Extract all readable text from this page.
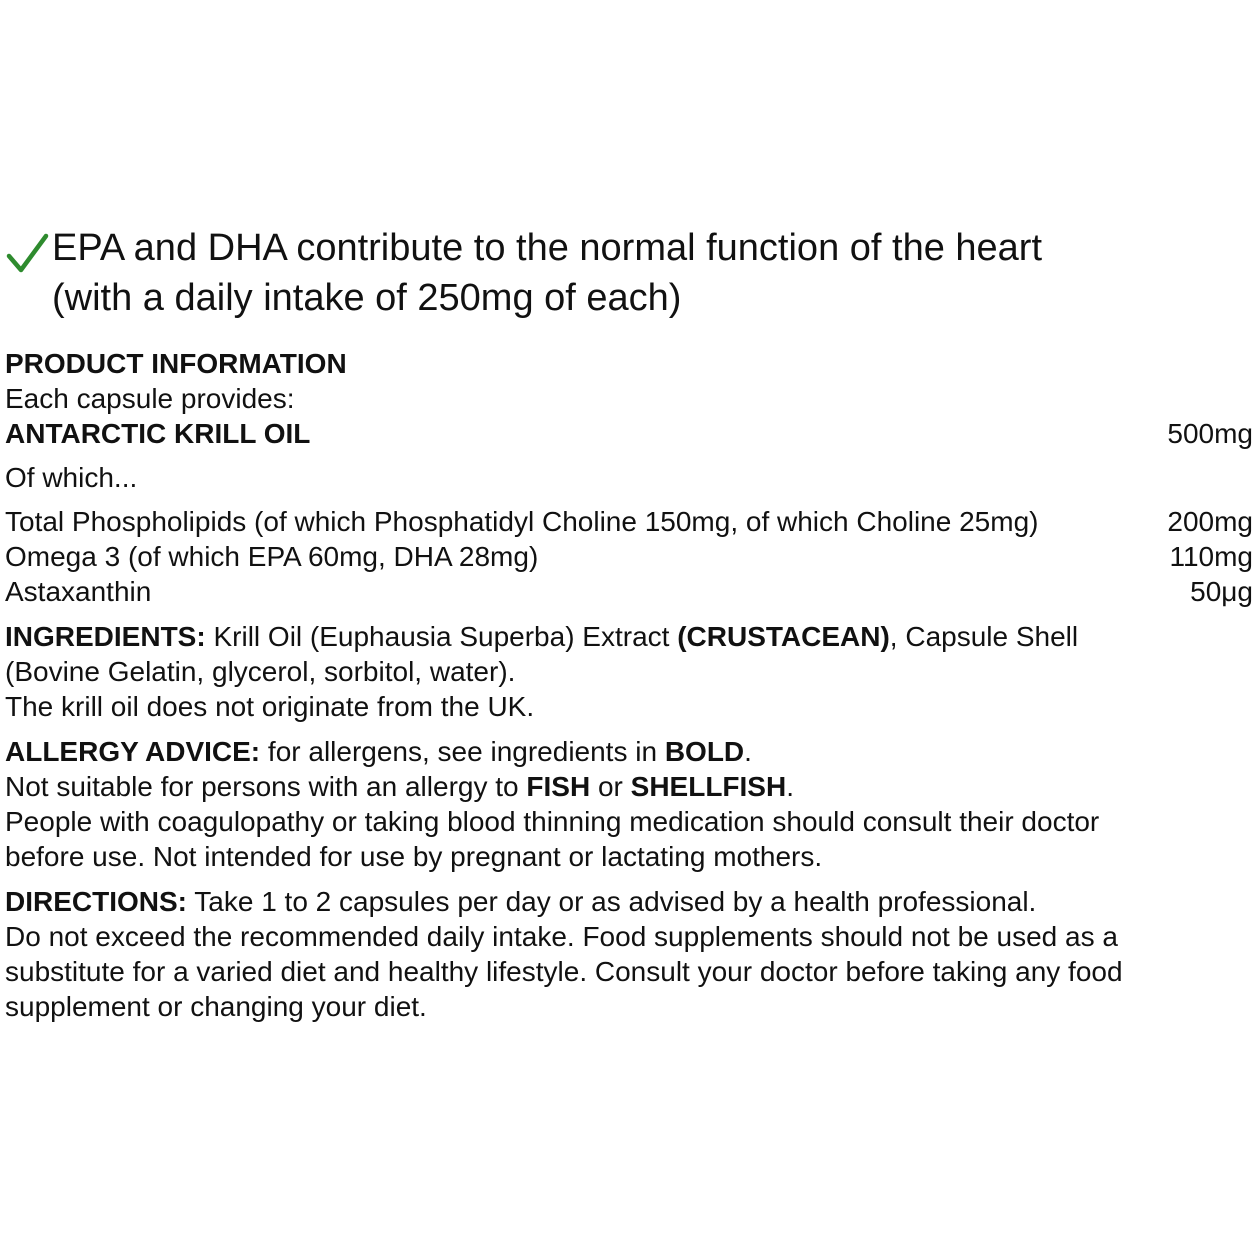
EPA and DHA contribute to the normal function of the heart
(with a daily intake of 250mg of each)
PRODUCT INFORMATION
Each capsule provides:
ANTARCTIC KRILL OIL	500mg
Of which...
Total Phospholipids (of which Phosphatidyl Choline 150mg, of which Choline 25mg)	200mg
Omega 3 (of which EPA 60mg, DHA 28mg)	110mg
Astaxanthin	50μg
INGREDIENTS: Krill Oil (Euphausia Superba) Extract (CRUSTACEAN), Capsule Shell
(Bovine Gelatin, glycerol, sorbitol, water).
The krill oil does not originate from the UK.
ALLERGY ADVICE: for allergens, see ingredients in BOLD.
Not suitable for persons with an allergy to FISH or SHELLFISH.
People with coagulopathy or taking blood thinning medication should consult their doctor
before use. Not intended for use by pregnant or lactating mothers.
DIRECTIONS: Take 1 to 2 capsules per day or as advised by a health professional.
Do not exceed the recommended daily intake. Food supplements should not be used as a
substitute for a varied diet and healthy lifestyle. Consult your doctor before taking any food
supplement or changing your diet.
